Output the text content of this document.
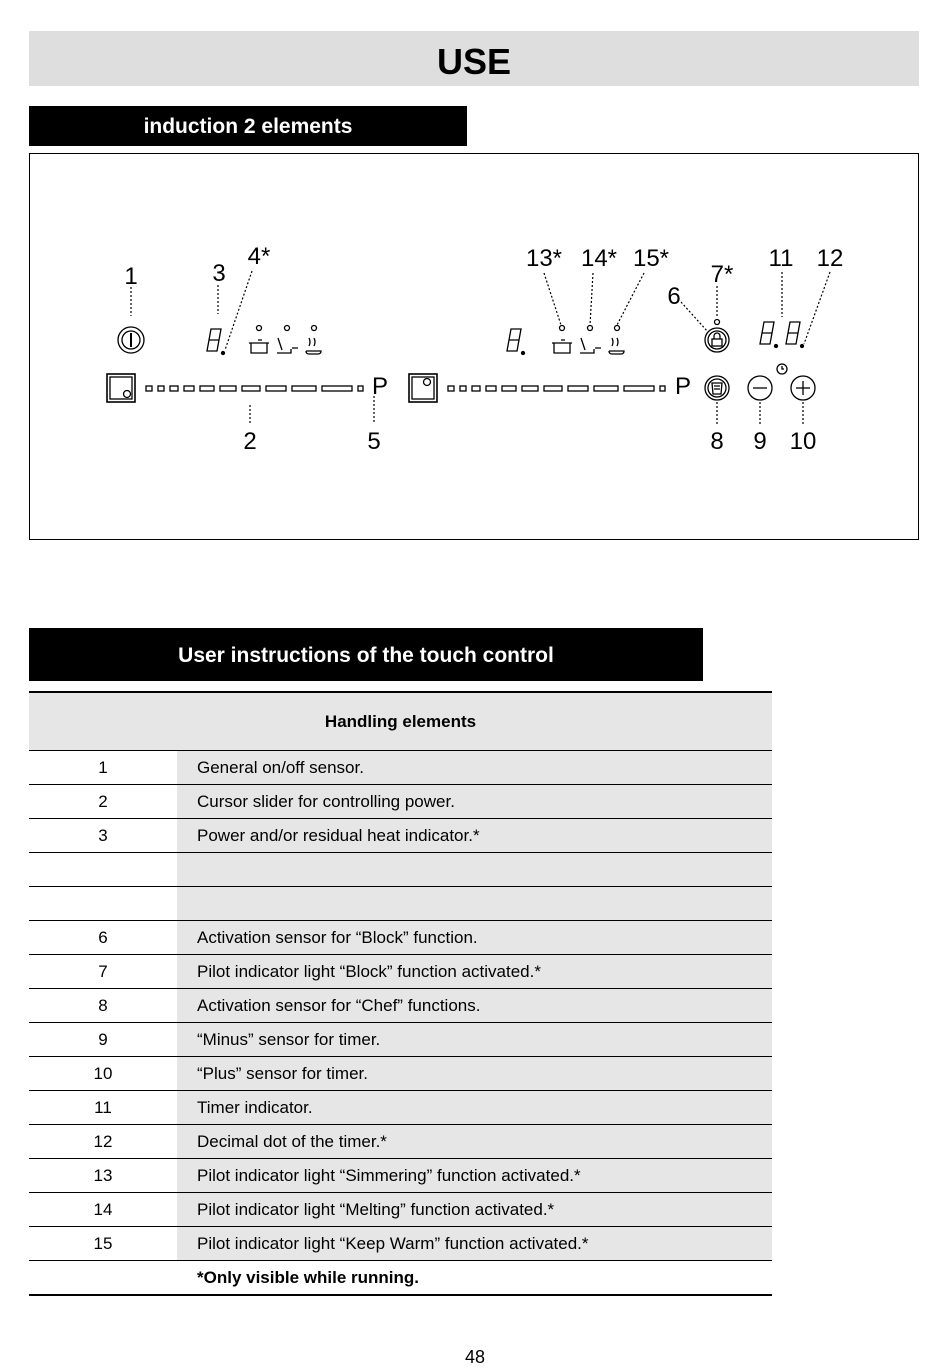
USE
induction 2 elements
P	P
1	3
4*
2	5
13* 14* 15*
6
7*
11 12
8 9 10
User instructions of the touch control
Handling elements	
1	General on/off sensor.
2	Cursor slider for controlling power.
3	Power and/or residual heat indicator.*

6	Activation sensor for “Block” function.
7	Pilot indicator light “Block” function activated.*
8	Activation sensor for “Chef” functions.
9	“Minus” sensor for timer.
10	“Plus” sensor for timer.
11	Timer indicator.
12	Decimal dot of the timer.*
13	Pilot indicator light “Simmering” function activated.*
14	Pilot indicator light “Melting” function activated.*
15	Pilot indicator light “Keep Warm” function activated.*
	*Only visible while running.
48
